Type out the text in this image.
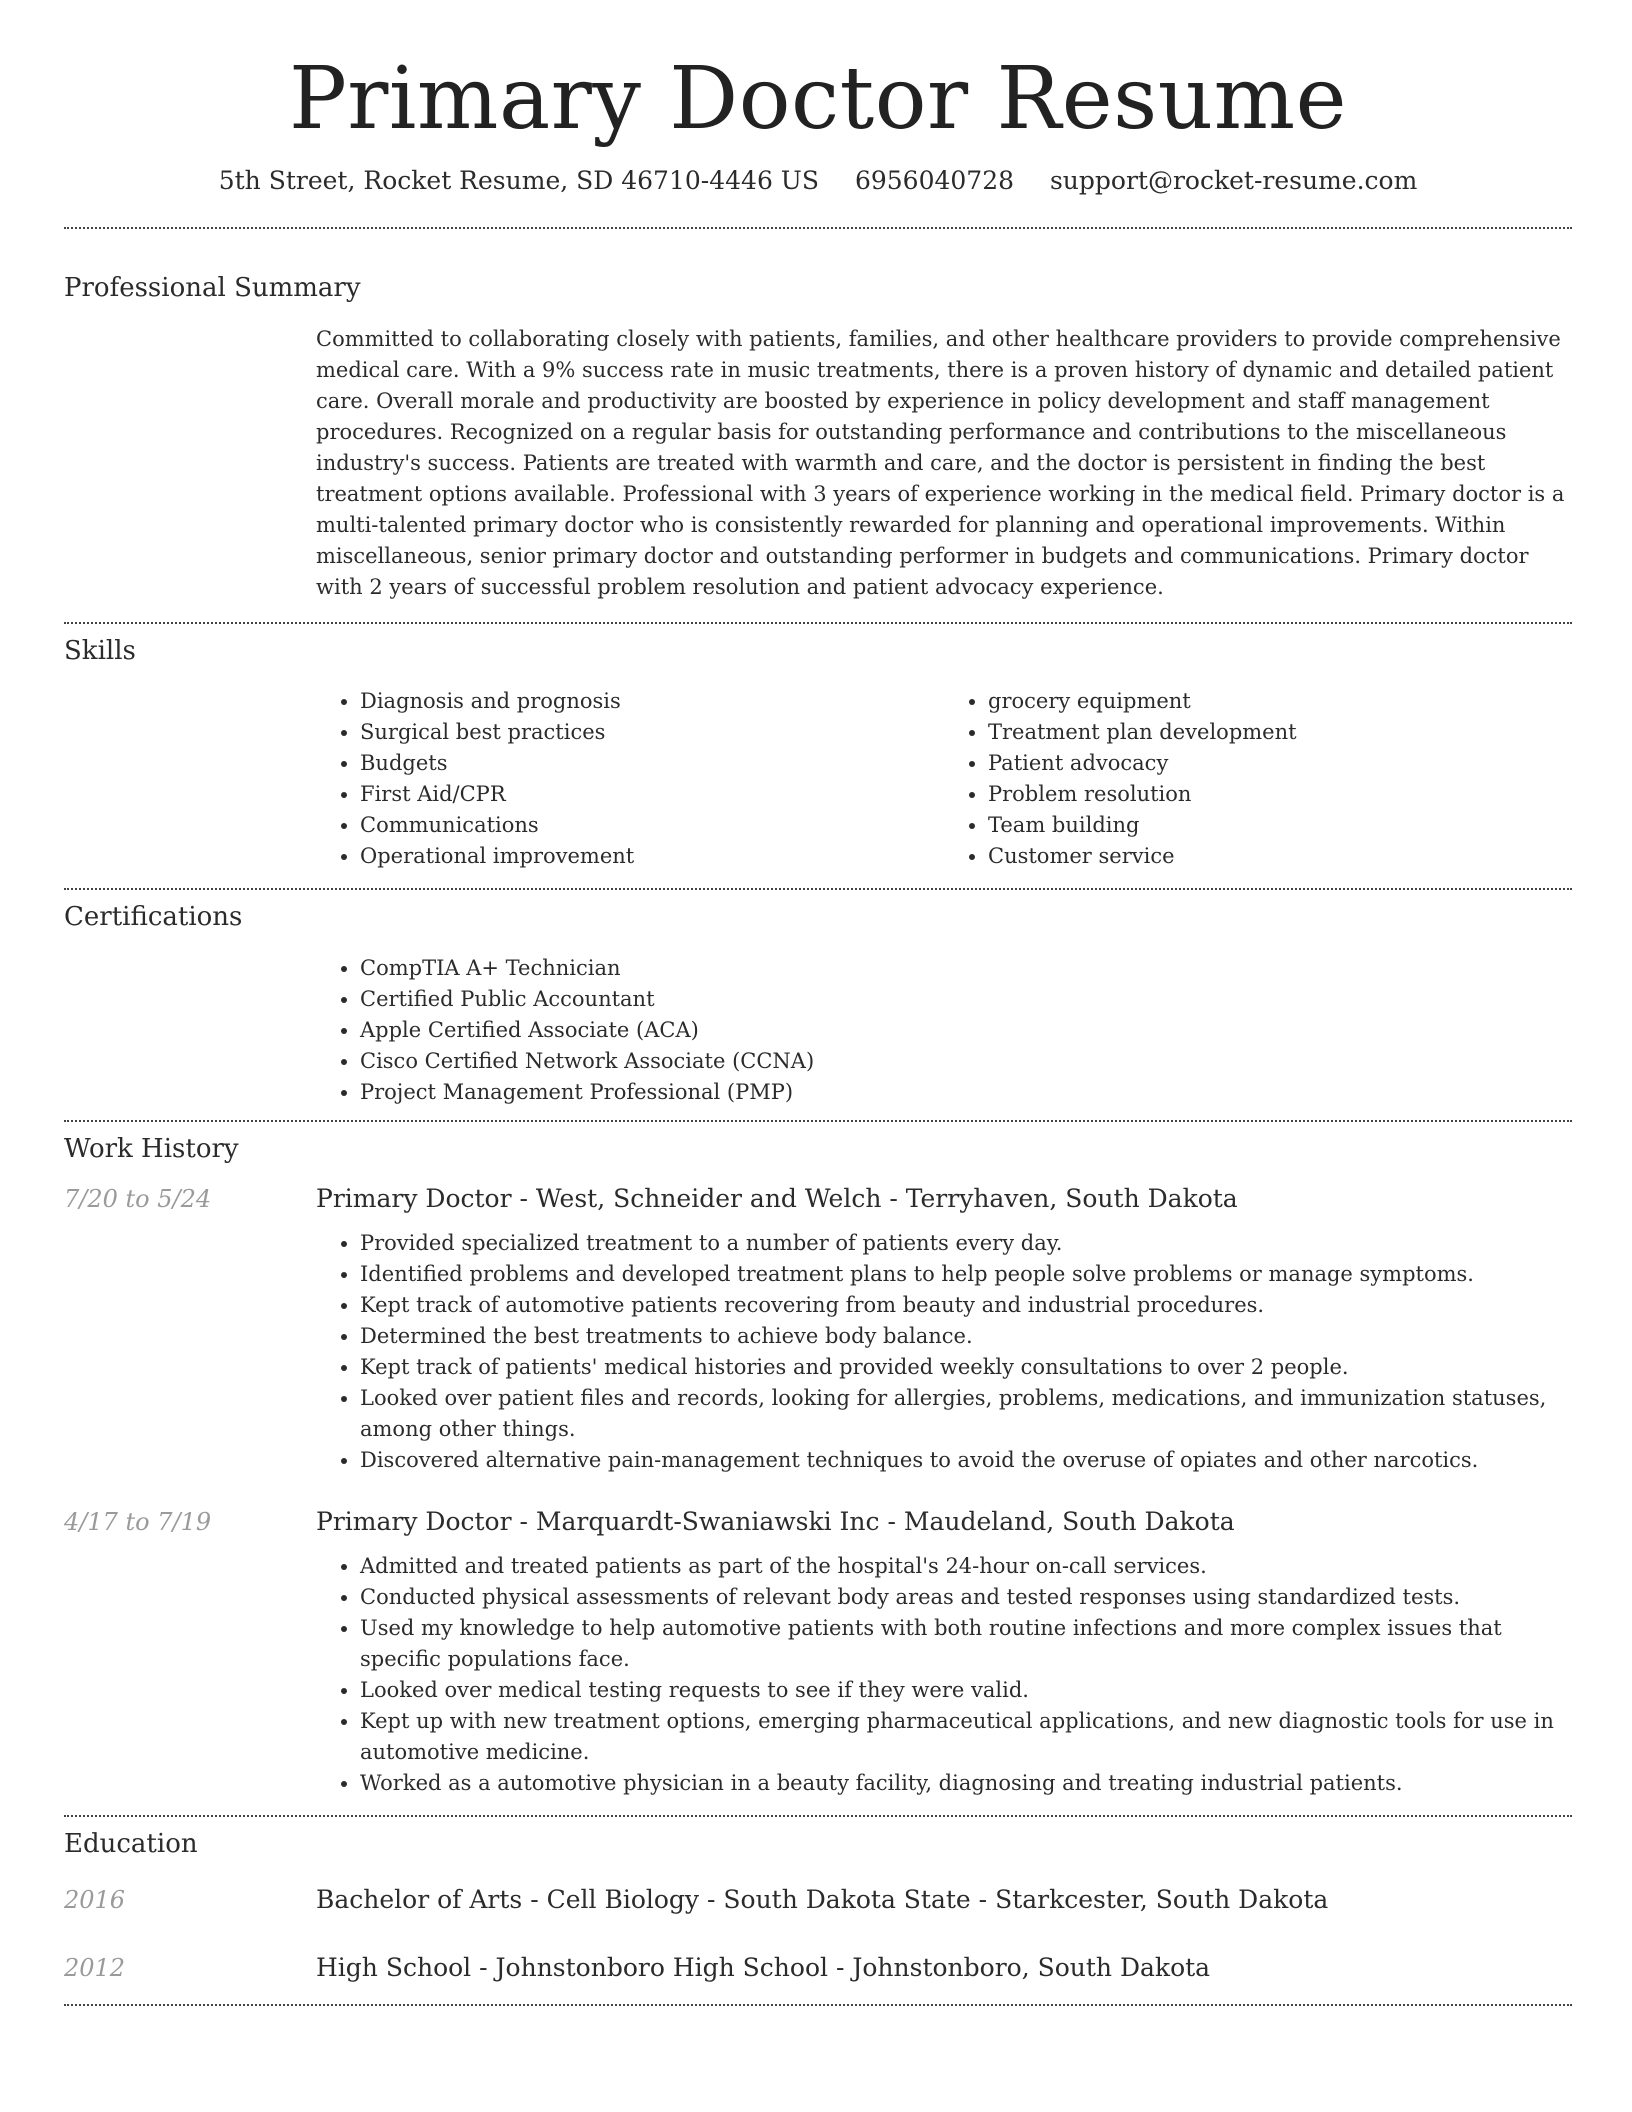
Primary Doctor Resume
5th Street, Rocket Resume, SD 46710-4446 US 6956040728 support@rocket-resume.com
Professional Summary
Committed to collaborating closely with patients, families, and other healthcare providers to provide comprehensive medical care. With a 9% success rate in music treatments, there is a proven history of dynamic and detailed patient care. Overall morale and productivity are boosted by experience in policy development and staff management procedures. Recognized on a regular basis for outstanding performance and contributions to the miscellaneous industry's success. Patients are treated with warmth and care, and the doctor is persistent in finding the best treatment options available. Professional with 3 years of experience working in the medical field. Primary doctor is a multi-talented primary doctor who is consistently rewarded for planning and operational improvements. Within miscellaneous, senior primary doctor and outstanding performer in budgets and communications. Primary doctor with 2 years of successful problem resolution and patient advocacy experience.
Skills
• Diagnosis and prognosis
• Surgical best practices
• Budgets
• First Aid/CPR
• Communications
• Operational improvement
• grocery equipment
• Treatment plan development
• Patient advocacy
• Problem resolution
• Team building
• Customer service
Certifications
• CompTIA A+ Technician
• Certified Public Accountant
• Apple Certified Associate (ACA)
• Cisco Certified Network Associate (CCNA)
• Project Management Professional (PMP)
Work History
7/20 to 5/24	Primary Doctor - West, Schneider and Welch - Terryhaven, South Dakota
• Provided specialized treatment to a number of patients every day.
• Identified problems and developed treatment plans to help people solve problems or manage symptoms.
• Kept track of automotive patients recovering from beauty and industrial procedures.
• Determined the best treatments to achieve body balance.
• Kept track of patients' medical histories and provided weekly consultations to over 2 people.
• Looked over patient files and records, looking for allergies, problems, medications, and immunization statuses, among other things.
• Discovered alternative pain-management techniques to avoid the overuse of opiates and other narcotics.
4/17 to 7/19	Primary Doctor - Marquardt-Swaniawski Inc - Maudeland, South Dakota
• Admitted and treated patients as part of the hospital's 24-hour on-call services.
• Conducted physical assessments of relevant body areas and tested responses using standardized tests.
• Used my knowledge to help automotive patients with both routine infections and more complex issues that specific populations face.
• Looked over medical testing requests to see if they were valid.
• Kept up with new treatment options, emerging pharmaceutical applications, and new diagnostic tools for use in automotive medicine.
• Worked as a automotive physician in a beauty facility, diagnosing and treating industrial patients.
Education
2016	Bachelor of Arts - Cell Biology - South Dakota State - Starkcester, South Dakota
2012	High School - Johnstonboro High School - Johnstonboro, South Dakota
